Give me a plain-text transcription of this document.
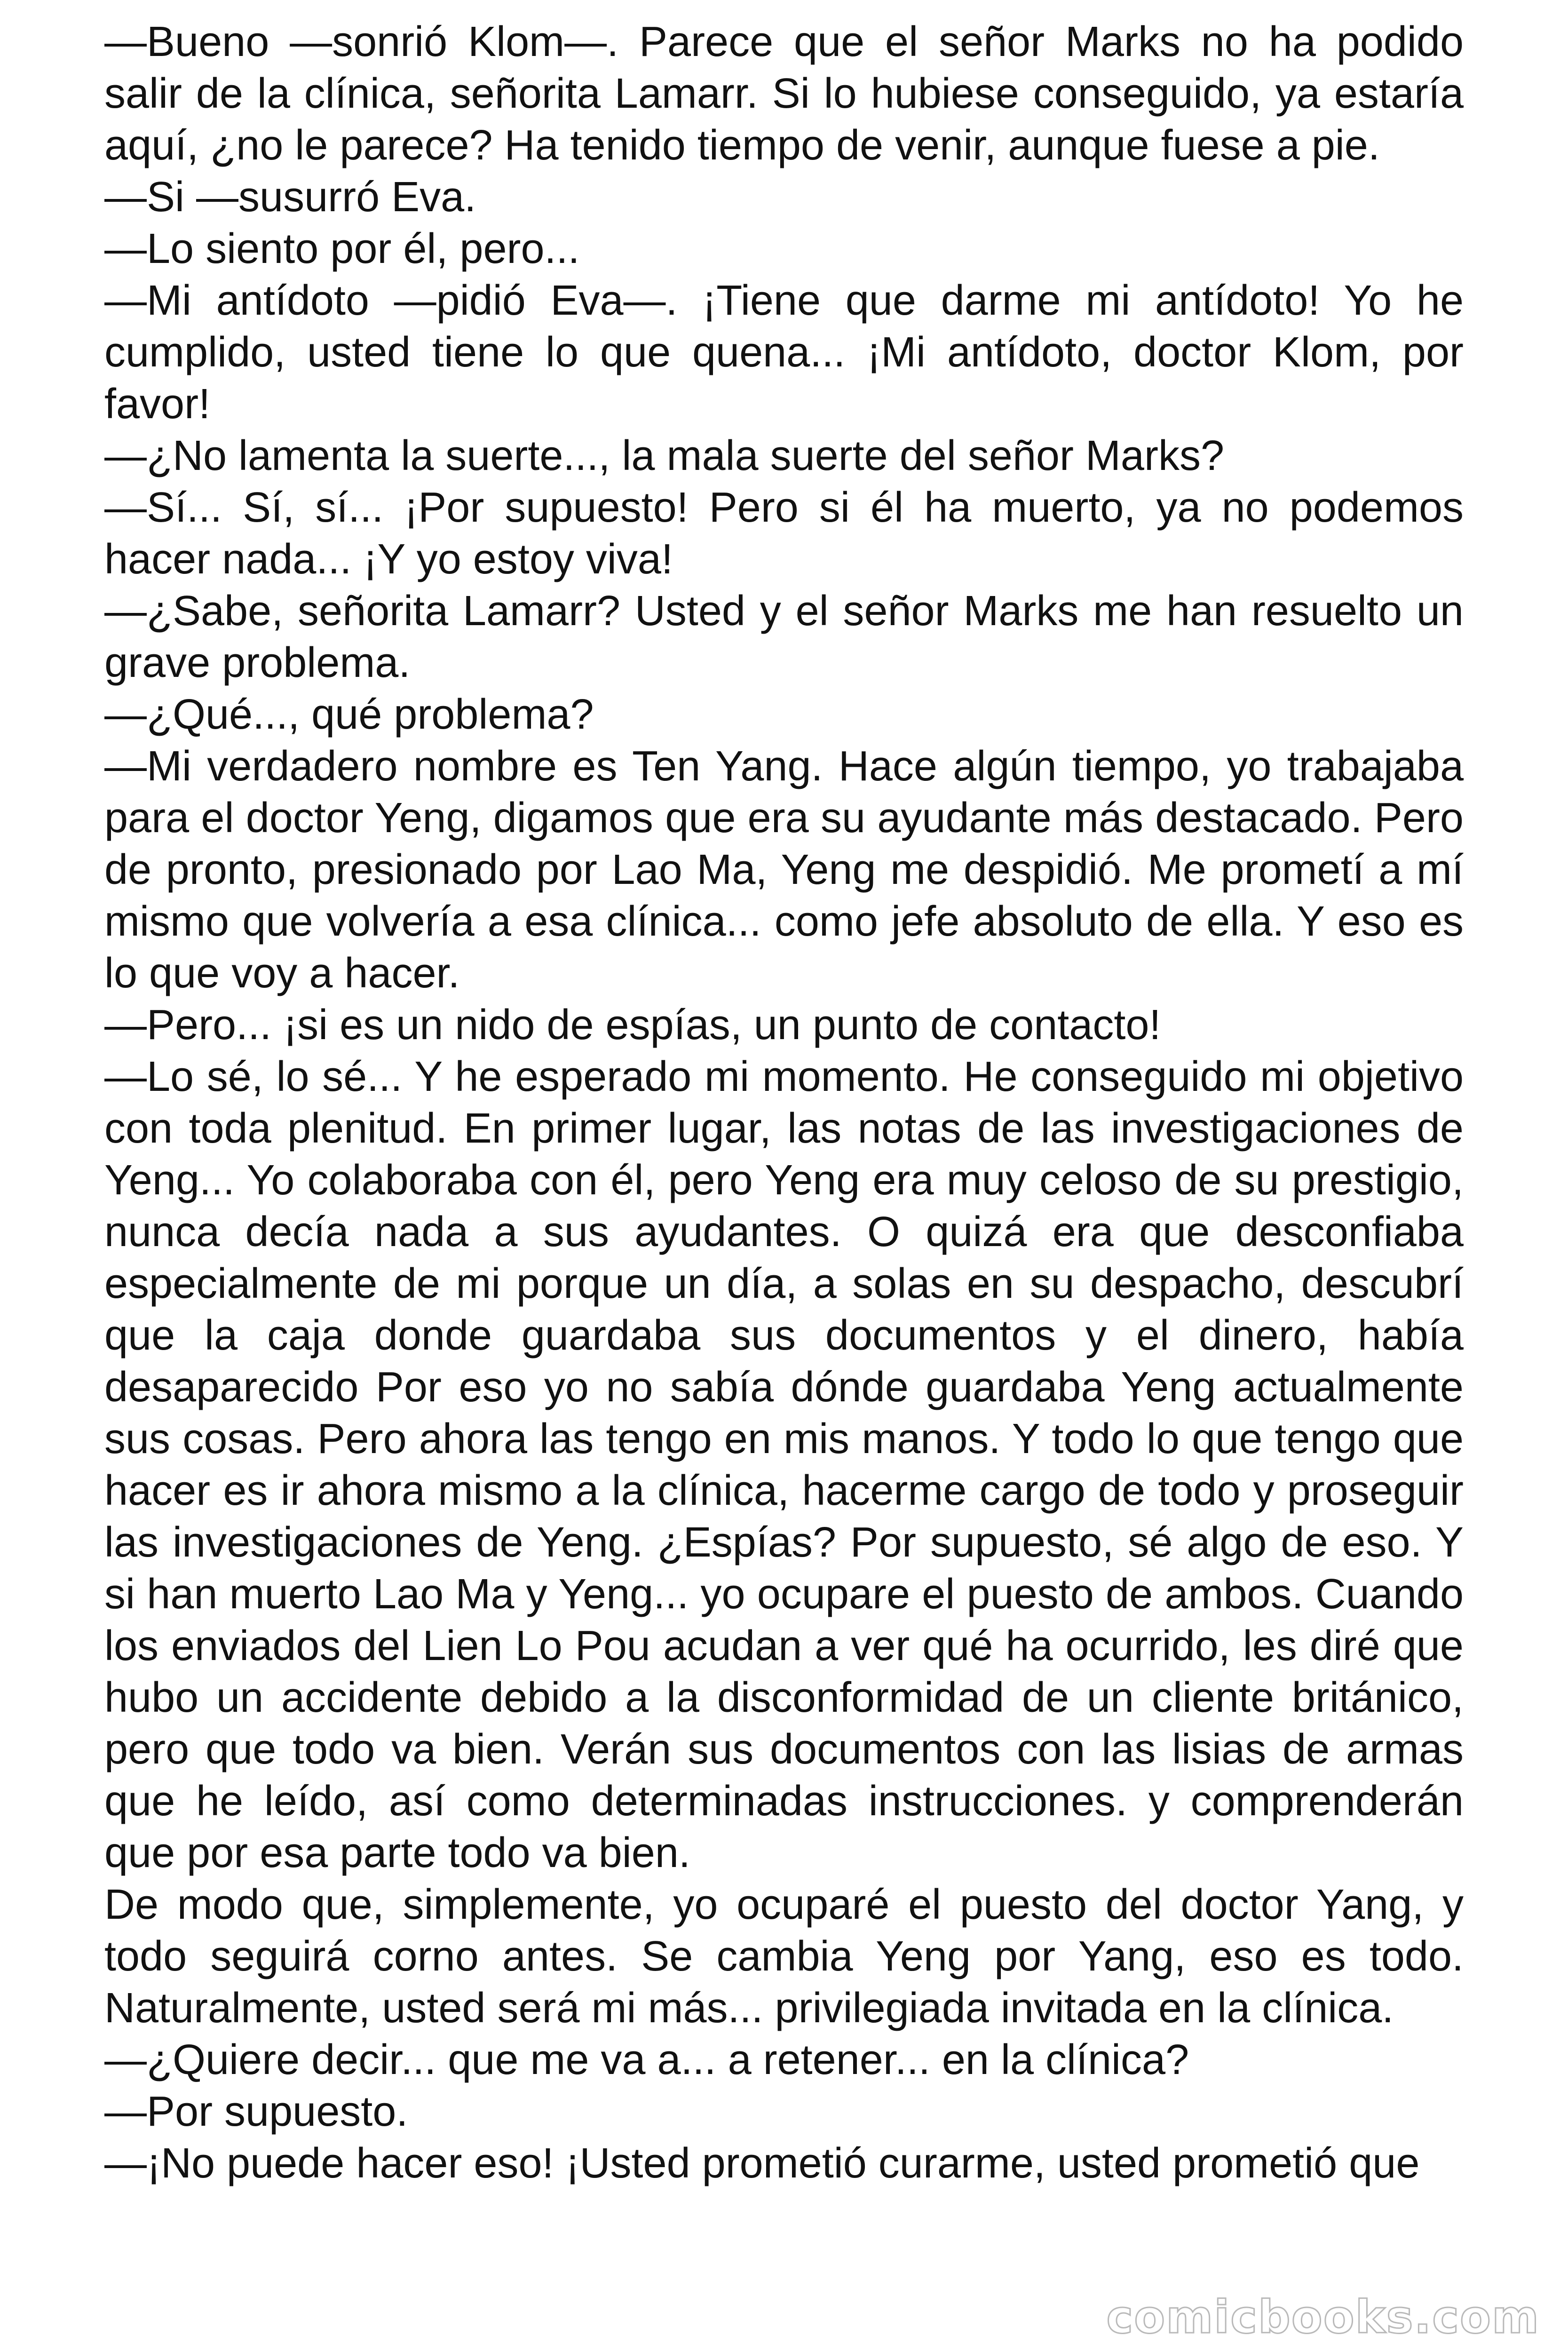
—Bueno —sonrió Klom—. Parece que el señor Marks no ha podido salir de la clínica, señorita Lamarr. Si lo hubiese conseguido, ya estaría aquí, ¿no le parece? Ha tenido tiempo de venir, aunque fuese a pie.

—Si —susurró Eva.

—Lo siento por él, pero...

—Mi antídoto —pidió Eva—. ¡Tiene que darme mi antídoto! Yo he cumplido, usted tiene lo que quena... ¡Mi antídoto, doctor Klom, por favor!

—¿No lamenta la suerte..., la mala suerte del señor Marks?

—Sí... Sí, sí... ¡Por supuesto! Pero si él ha muerto, ya no podemos hacer nada... ¡Y yo estoy viva!

—¿Sabe, señorita Lamarr? Usted y el señor Marks me han resuelto un grave problema.

—¿Qué..., qué problema?

—Mi verdadero nombre es Ten Yang. Hace algún tiempo, yo trabajaba para el doctor Yeng, digamos que era su ayudante más destacado. Pero de pronto, presionado por Lao Ma, Yeng me despidió. Me prometí a mí mismo que volvería a esa clínica... como jefe absoluto de ella. Y eso es lo que voy a hacer.

—Pero... ¡si es un nido de espías, un punto de contacto!

—Lo sé, lo sé... Y he esperado mi momento. He conseguido mi objetivo con toda plenitud. En primer lugar, las notas de las investigaciones de Yeng... Yo colaboraba con él, pero Yeng era muy celoso de su prestigio, nunca decía nada a sus ayudantes. O quizá era que desconfiaba especialmente de mi porque un día, a solas en su despacho, descubrí que la caja donde guardaba sus documentos y el dinero, había desaparecido Por eso yo no sabía dónde guardaba Yeng actualmente sus cosas. Pero ahora las tengo en mis manos. Y todo lo que tengo que hacer es ir ahora mismo a la clínica, hacerme cargo de todo y proseguir las investigaciones de Yeng. ¿Espías? Por supuesto, sé algo de eso. Y si han muerto Lao Ma y Yeng... yo ocupare el puesto de ambos. Cuando los enviados del Lien Lo Pou acudan a ver qué ha ocurrido, les diré que hubo un accidente debido a la disconformidad de un cliente británico, pero que todo va bien. Verán sus documentos con las lisias de armas que he leído, así como determinadas instrucciones. y comprenderán que por esa parte todo va bien.

De modo que, simplemente, yo ocuparé el puesto del doctor Yang, y todo seguirá corno antes. Se cambia Yeng por Yang, eso es todo. Naturalmente, usted será mi más... privilegiada invitada en la clínica.

—¿Quiere decir... que me va a... a retener... en la clínica?

—Por supuesto.

—¡No puede hacer eso! ¡Usted prometió curarme, usted prometió que

comicbooks.com
